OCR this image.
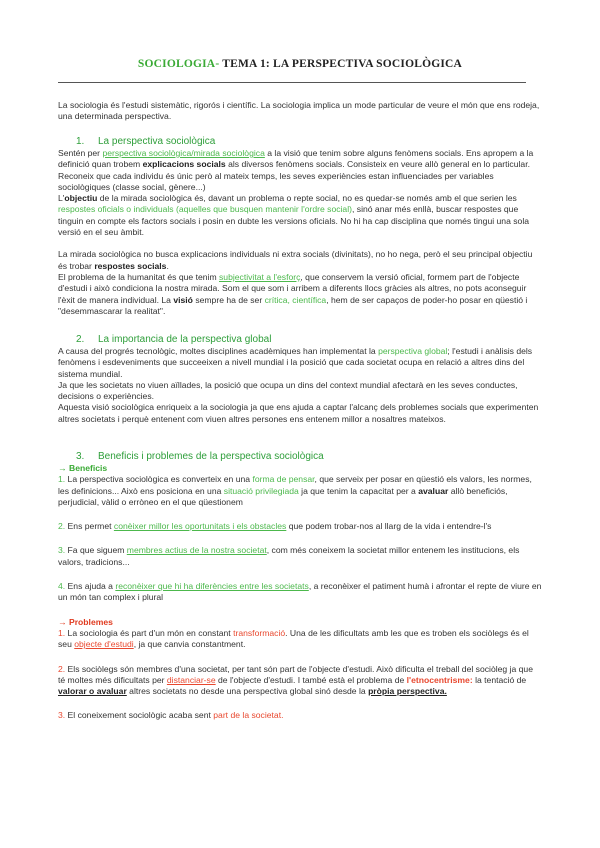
SOCIOLOGIA- TEMA 1: LA PERSPECTIVA SOCIOLÒGICA

La sociologia és l'estudi sistemàtic, rigorós i científic. La sociologia implica un mode particular de veure el món que ens rodeja, una determinada perspectiva.

1. La perspectiva sociològica

Sentén per perspectiva sociològica/mirada sociològica a la visió que tenim sobre alguns fenòmens socials. Ens apropem a la definició quan trobem explicacions socials als diversos fenòmens socials. Consisteix en veure allò general en lo particular. Reconeix que cada individu és únic però al mateix temps, les seves experiències estan influenciades per variables sociològiques (classe social, gènere...)
L'objectiu de la mirada sociològica és, davant un problema o repte social, no es quedar-se només amb el que serien les respostes oficials o individuals (aquelles que busquen mantenir l'ordre social), sinó anar més enllà, buscar respostes que tinguin en compte els factors socials i posin en dubte les versions oficials. No hi ha cap disciplina que només tingui una sola versió en el seu àmbit.

La mirada sociològica no busca explicacions individuals ni extra socials (divinitats), no ho nega, però el seu principal objectiu és trobar respostes socials.
El problema de la humanitat és que tenim subjectivitat a l'esforç, que conservem la versió oficial, formem part de l'objecte d'estudi i això condiciona la nostra mirada. Som el que som i arribem a diferents llocs gràcies als altres, no pots aconseguir l'èxit de manera individual. La visió sempre ha de ser crítica, científica, hem de ser capaços de poder-ho posar en qüestió i "desemmascarar la realitat".

2. La importancia de la perspectiva global

A causa del progrés tecnològic, moltes disciplines acadèmiques han implementat la perspectiva global; l'estudi i anàlisis dels fenòmens i esdeveniments que succeeixen a nivell mundial i la posició que cada societat ocupa en relació a altres dins del sistema mundial.
Ja que les societats no viuen aïllades, la posició que ocupa un dins del context mundial afectarà en les seves conductes, decisions o experiències.
Aquesta visió sociològica enriqueix a la sociologia ja que ens ajuda a captar l'alcanç dels problemes socials que experimenten altres societats i perquè entenent com viuen altres persones ens entenem millor a nosaltres mateixos.

3. Beneficis i problemes de la perspectiva sociològica

→ Beneficis

1. La perspectiva sociològica es converteix en una forma de pensar, que serveix per posar en qüestió els valors, les normes, les definicions... Això ens posiciona en una situació privilegiada ja que tenim la capacitat per a avaluar allò beneficiós, perjudicial, vàlid o erròneo en el que qüestionem

2. Ens permet conèixer millor les oportunitats i els obstacles que podem trobar-nos al llarg de la vida i entendre-l's

3. Fa que siguem membres actius de la nostra societat, com més coneixem la societat millor entenem les institucions, els valors, tradicions...

4. Ens ajuda a reconèixer que hi ha diferències entre les societats, a reconèixer el patiment humà i afrontar el repte de viure en un món tan complex i plural

→ Problemes

1. La sociologia és part d'un món en constant transformació. Una de les dificultats amb les que es troben els sociòlegs és el seu objecte d'estudi, ja que canvia constantment.

2. Els sociòlegs són membres d'una societat, per tant són part de l'objecte d'estudi. Això dificulta el treball del sociòleg ja que té moltes més dificultats per distanciar-se de l'objecte d'estudi. I també està el problema de l'etnocentrisme: la tentació de valorar o avaluar altres societats no desde una perspectiva global sinó desde la pròpia perspectiva.

3. El coneixement sociològic acaba sent part de la societat.
